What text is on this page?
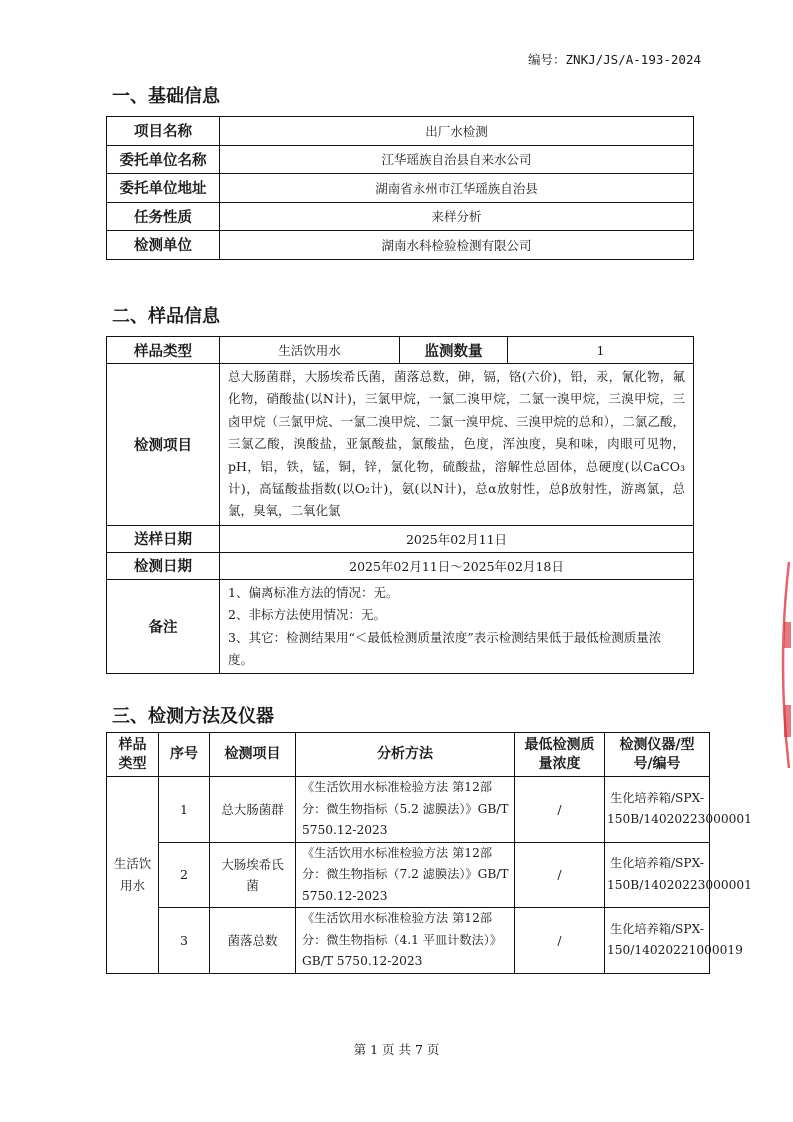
编号：ZNKJ/JS/A-193-2024
一、基础信息
项目名称	出厂水检测
委托单位名称	江华瑶族自治县自来水公司
委托单位地址	湖南省永州市江华瑶族自治县
任务性质	来样分析
检测单位	湖南水科检验检测有限公司
二、样品信息
样品类型	生活饮用水	监测数量	1
检测项目	总大肠菌群，大肠埃希氏菌，菌落总数，砷，镉，铬(六价)，铅，汞，氰化物，氟化物，硝酸盐(以N计)，三氯甲烷，一氯二溴甲烷，二氯一溴甲烷，三溴甲烷，三卤甲烷（三氯甲烷、一氯二溴甲烷、二氯一溴甲烷、三溴甲烷的总和），二氯乙酸，三氯乙酸，溴酸盐，亚氯酸盐，氯酸盐，色度，浑浊度，臭和味，肉眼可见物，pH，铝，铁，锰，铜，锌，氯化物，硫酸盐，溶解性总固体，总硬度(以CaCO₃计)，高锰酸盐指数(以O₂计)，氨(以N计)，总α放射性，总β放射性，游离氯，总氯，臭氧，二氧化氯		
送样日期	2025年02月11日		
检测日期	2025年02月11日～2025年02月18日		
备注	1、偏离标准方法的情况：无。
2、非标方法使用情况：无。
3、其它：检测结果用“＜最低检测质量浓度”表示检测结果低于最低检测质量浓度。		
三、检测方法及仪器
样品类型	序号	检测项目	分析方法	最低检测质量浓度	检测仪器/型号/编号
生活饮用水	1	总大肠菌群	《生活饮用水标准检验方法 第12部分：微生物指标（5.2 滤膜法）》GB/T 5750.12-2023	/	生化培养箱/SPX-150B/14020223000001
	2	大肠埃希氏菌	《生活饮用水标准检验方法 第12部分：微生物指标（7.2 滤膜法）》GB/T 5750.12-2023	/	生化培养箱/SPX-150B/14020223000001
	3	菌落总数	《生活饮用水标准检验方法 第12部分：微生物指标（4.1 平皿计数法）》GB/T 5750.12-2023	/	生化培养箱/SPX-150/14020221000019
第 1 页 共 7 页
